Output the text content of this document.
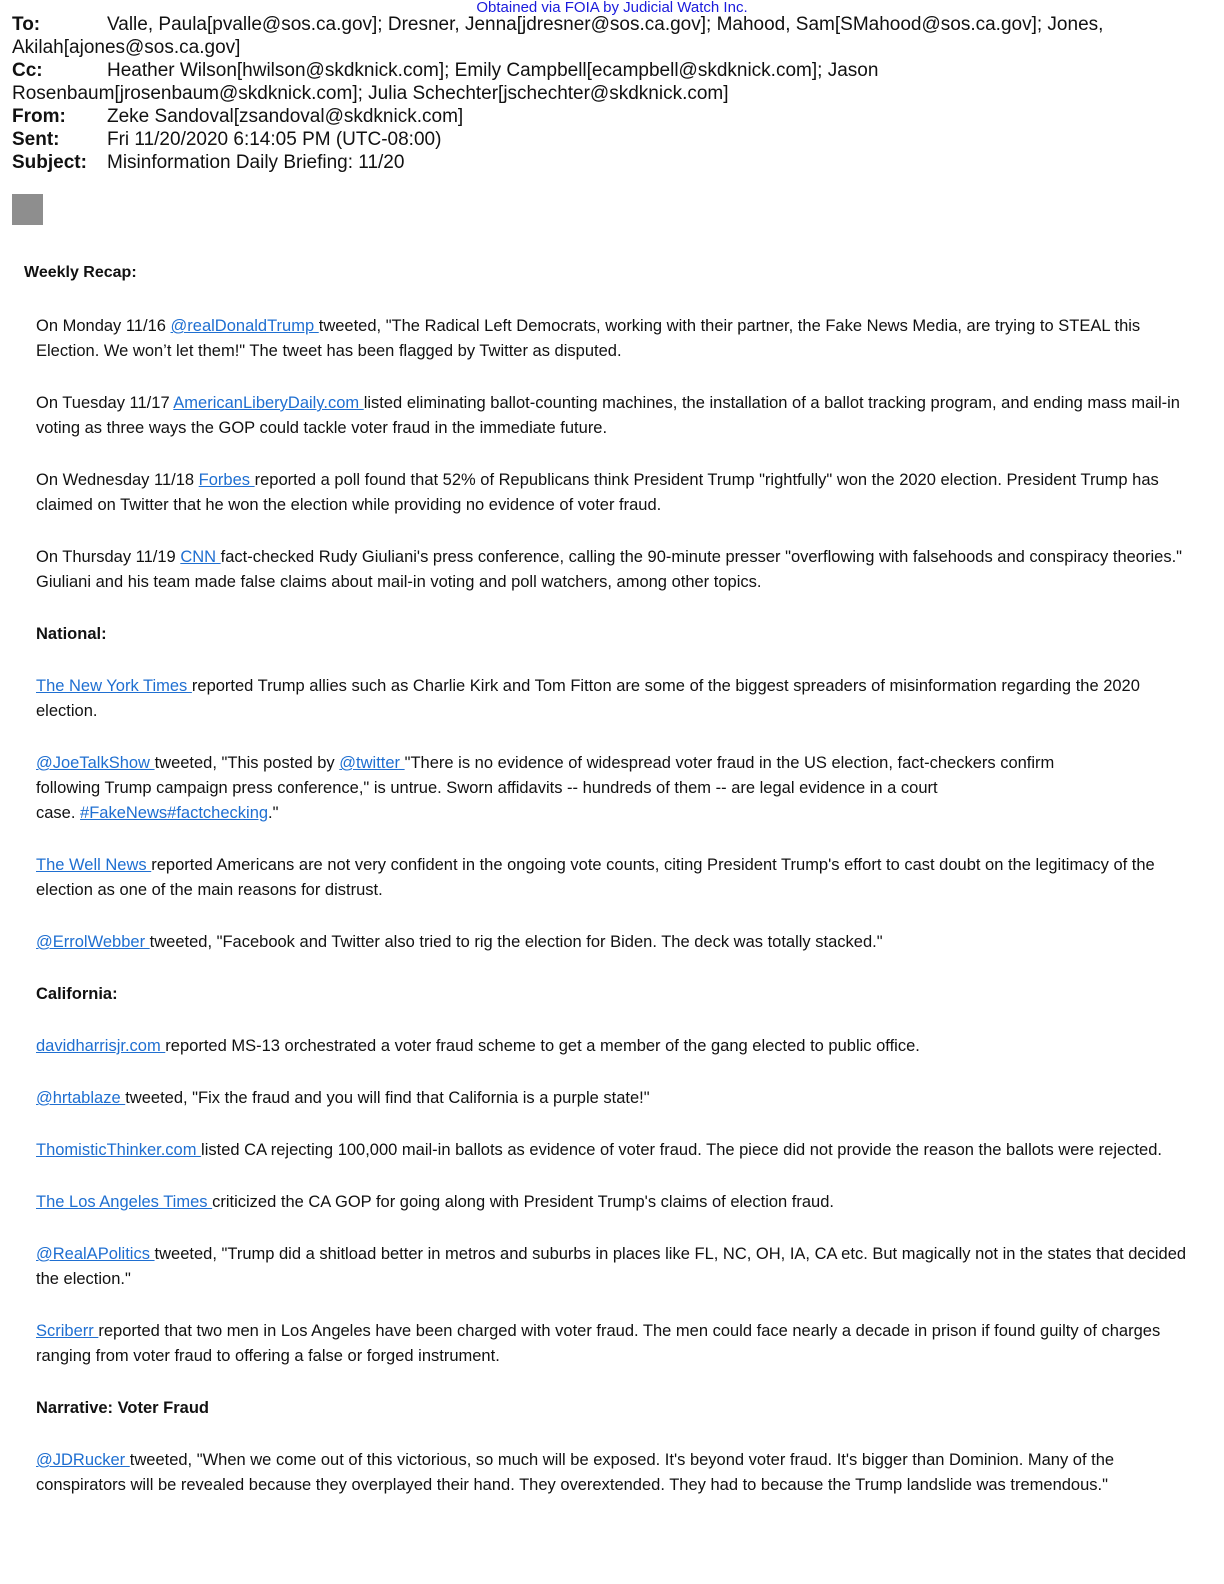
Obtained via FOIA by Judicial Watch Inc.

To:	Valle, Paula[pvalle@sos.ca.gov]; Dresner, Jenna[jdresner@sos.ca.gov]; Mahood, Sam[SMahood@sos.ca.gov]; Jones, Akilah[ajones@sos.ca.gov]

Cc:	Heather Wilson[hwilson@skdknick.com]; Emily Campbell[ecampbell@skdknick.com]; Jason Rosenbaum[jrosenbaum@skdknick.com]; Julia Schechter[jschechter@skdknick.com]

From: Zeke Sandoval[zsandoval@skdknick.com]

Sent:	Fri 11/20/2020 6:14:05 PM (UTC-08:00)

Subject: Misinformation Daily Briefing: 11/20

Weekly Recap:

On Monday 11/16 @realDonaldTrump tweeted, "The Radical Left Democrats, working with their partner, the Fake News Media, are trying to STEAL this Election. We won’t let them!" The tweet has been flagged by Twitter as disputed.

On Tuesday 11/17 AmericanLiberyDaily.com listed eliminating ballot-counting machines, the installation of a ballot tracking program, and ending mass mail-in voting as three ways the GOP could tackle voter fraud in the immediate future.

On Wednesday 11/18 Forbes reported a poll found that 52% of Republicans think President Trump "rightfully" won the 2020 election. President Trump has claimed on Twitter that he won the election while providing no evidence of voter fraud.

On Thursday 11/19 CNN fact-checked Rudy Giuliani's press conference, calling the 90-minute presser "overflowing with falsehoods and conspiracy theories." Giuliani and his team made false claims about mail-in voting and poll watchers, among other topics.

National:

The New York Times reported Trump allies such as Charlie Kirk and Tom Fitton are some of the biggest spreaders of misinformation regarding the 2020 election.

@JoeTalkShow tweeted, "This posted by @twitter "There is no evidence of widespread voter fraud in the US election, fact-checkers confirm
following Trump campaign press conference," is untrue. Sworn affidavits -- hundreds of them -- are legal evidence in a court
case. #FakeNews#factchecking."

The Well News reported Americans are not very confident in the ongoing vote counts, citing President Trump's effort to cast doubt on the legitimacy of the election as one of the main reasons for distrust.

@ErrolWebber tweeted, "Facebook and Twitter also tried to rig the election for Biden. The deck was totally stacked."

California:

davidharrisjr.com reported MS-13 orchestrated a voter fraud scheme to get a member of the gang elected to public office.

@hrtablaze tweeted, "Fix the fraud and you will find that California is a purple state!"

ThomisticThinker.com listed CA rejecting 100,000 mail-in ballots as evidence of voter fraud. The piece did not provide the reason the ballots were rejected.

The Los Angeles Times criticized the CA GOP for going along with President Trump's claims of election fraud.

@RealAPolitics tweeted, "Trump did a shitload better in metros and suburbs in places like FL, NC, OH, IA, CA etc. But magically not in the states that decided the election."

Scriberr reported that two men in Los Angeles have been charged with voter fraud. The men could face nearly a decade in prison if found guilty of charges ranging from voter fraud to offering a false or forged instrument.

Narrative: Voter Fraud

@JDRucker tweeted, "When we come out of this victorious, so much will be exposed. It's beyond voter fraud. It's bigger than Dominion. Many of the conspirators will be revealed because they overplayed their hand. They overextended. They had to because the Trump landslide was tremendous."
